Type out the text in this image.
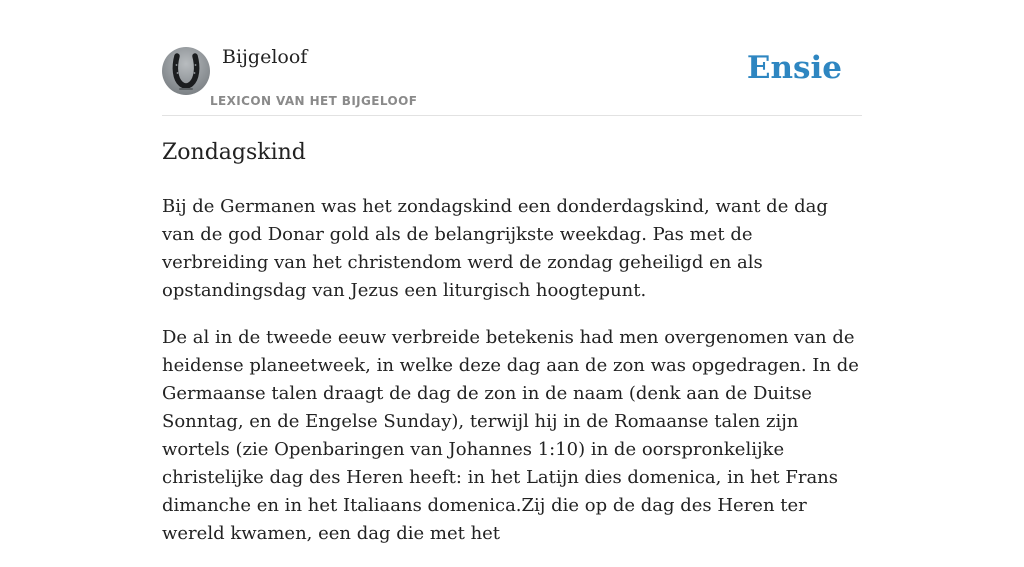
Bijgeloof
LEXICON VAN HET BIJGELOOF
Ensie
Zondagskind

Bij de Germanen was het zondagskind een donderdagskind, want de dag van de god Donar gold als de belangrijkste weekdag. Pas met de verbreiding van het christendom werd de zondag geheiligd en als opstandingsdag van Jezus een liturgisch hoogtepunt.

De al in de tweede eeuw verbreide betekenis had men overgenomen van de heidense planeetweek, in welke deze dag aan de zon was opgedragen. In de Germaanse talen draagt de dag de zon in de naam (denk aan de Duitse Sonntag, en de Engelse Sunday), terwijl hij in de Romaanse talen zijn wortels (zie Openbaringen van Johannes 1:10) in de oorspronkelijke christelijke dag des Heren heeft: in het Latijn dies domenica, in het Frans dimanche en in het Italiaans domenica.Zij die op de dag des Heren ter wereld kwamen, een dag die met het
